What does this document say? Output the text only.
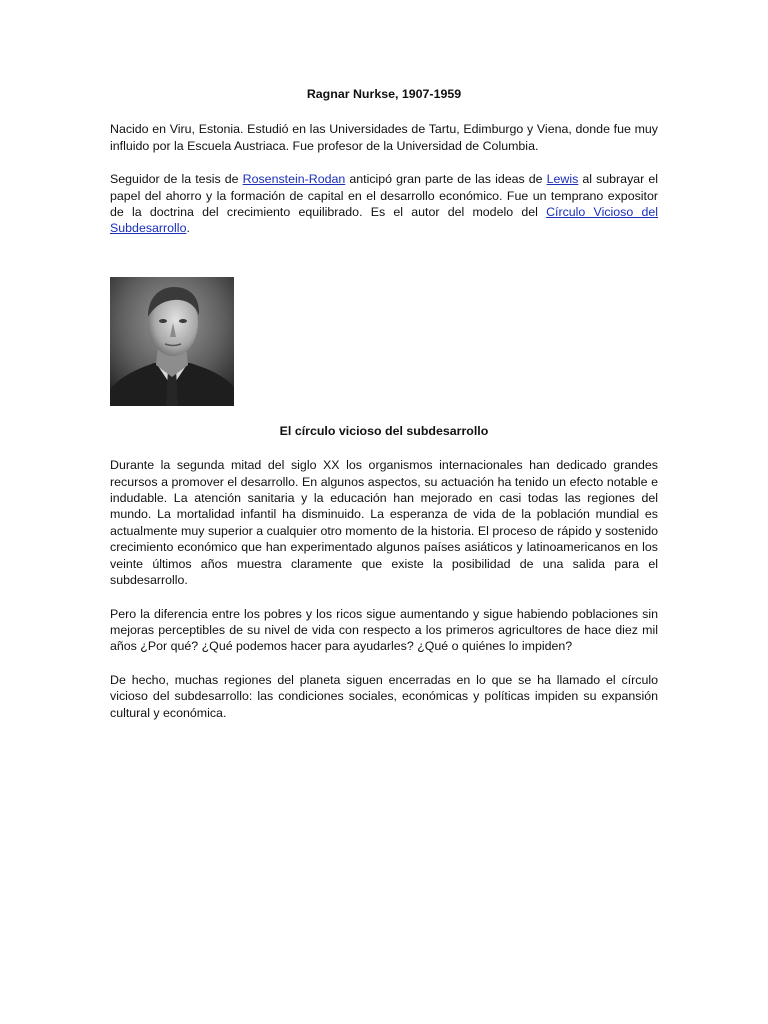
Ragnar Nurkse, 1907-1959

Nacido en Viru, Estonia. Estudió en las Universidades de Tartu, Edimburgo y Viena, donde fue muy influido por la Escuela Austriaca. Fue profesor de la Universidad de Columbia.

Seguidor de la tesis de Rosenstein-Rodan anticipó gran parte de las ideas de Lewis al subrayar el papel del ahorro y la formación de capital en el desarrollo económico. Fue un temprano expositor de la doctrina del crecimiento equilibrado. Es el autor del modelo del Círculo Vicioso del Subdesarrollo.

El círculo vicioso del subdesarrollo

Durante la segunda mitad del siglo XX los organismos internacionales han dedicado grandes recursos a promover el desarrollo. En algunos aspectos, su actuación ha tenido un efecto notable e indudable. La atención sanitaria y la educación han mejorado en casi todas las regiones del mundo. La mortalidad infantil ha disminuido. La esperanza de vida de la población mundial es actualmente muy superior a cualquier otro momento de la historia. El proceso de rápido y sostenido crecimiento económico que han experimentado algunos países asiáticos y latinoamericanos en los veinte últimos años muestra claramente que existe la posibilidad de una salida para el subdesarrollo.

Pero la diferencia entre los pobres y los ricos sigue aumentando y sigue habiendo poblaciones sin mejoras perceptibles de su nivel de vida con respecto a los primeros agricultores de hace diez mil años ¿Por qué? ¿Qué podemos hacer para ayudarles? ¿Qué o quiénes lo impiden?

De hecho, muchas regiones del planeta siguen encerradas en lo que se ha llamado el círculo vicioso del subdesarrollo: las condiciones sociales, económicas y políticas impiden su expansión cultural y económica.
